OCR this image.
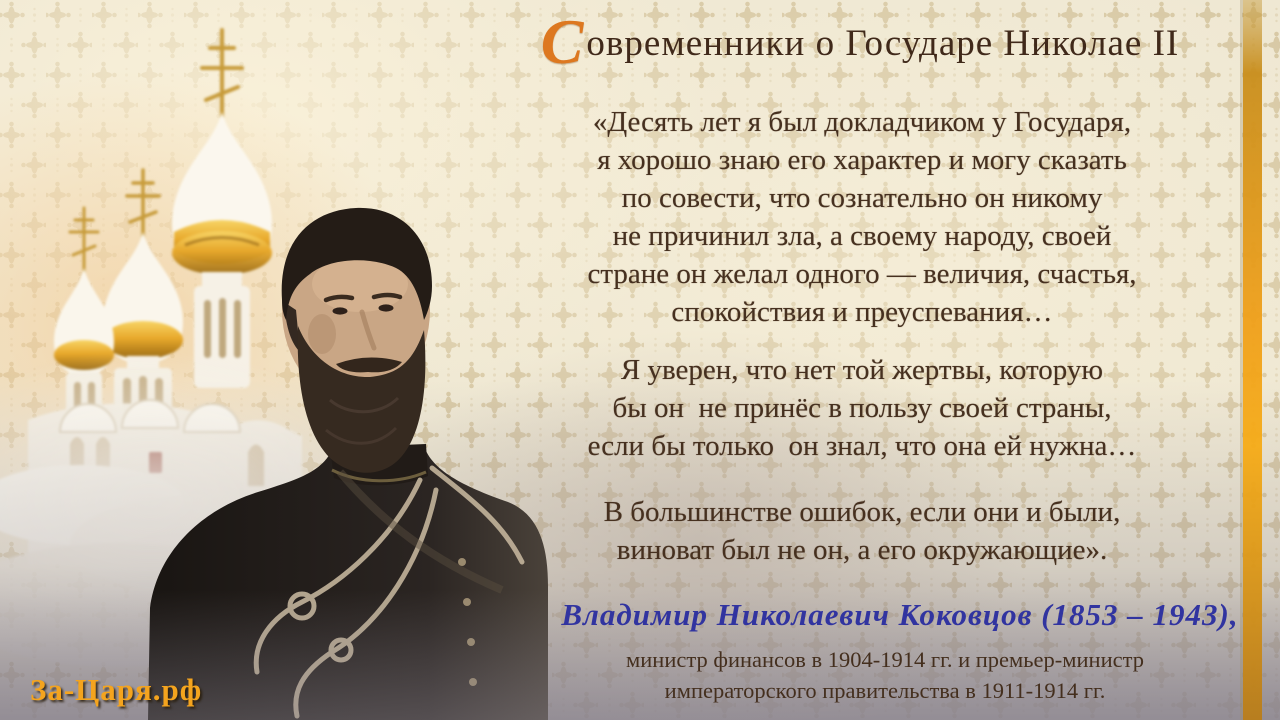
Современники о Государе Николае II
«Десять лет я был докладчиком у Государя,
я хорошо знаю его характер и могу сказать
по совести, что сознательно он никому
не причинил зла, а своему народу, своей
стране он желал одного — величия, счастья,
спокойствия и преуспевания…
Я уверен, что нет той жертвы, которую
бы он  не принёс в пользу своей страны,
если бы только  он знал, что она ей нужна…
В большинстве ошибок, если они и были,
виноват был не он, а его окружающие».
Владимир Николаевич Коковцов (1853 – 1943),
министр финансов в 1904-1914 гг. и премьер-министр
императорского правительства в 1911-1914 гг.
За-Царя.рф
